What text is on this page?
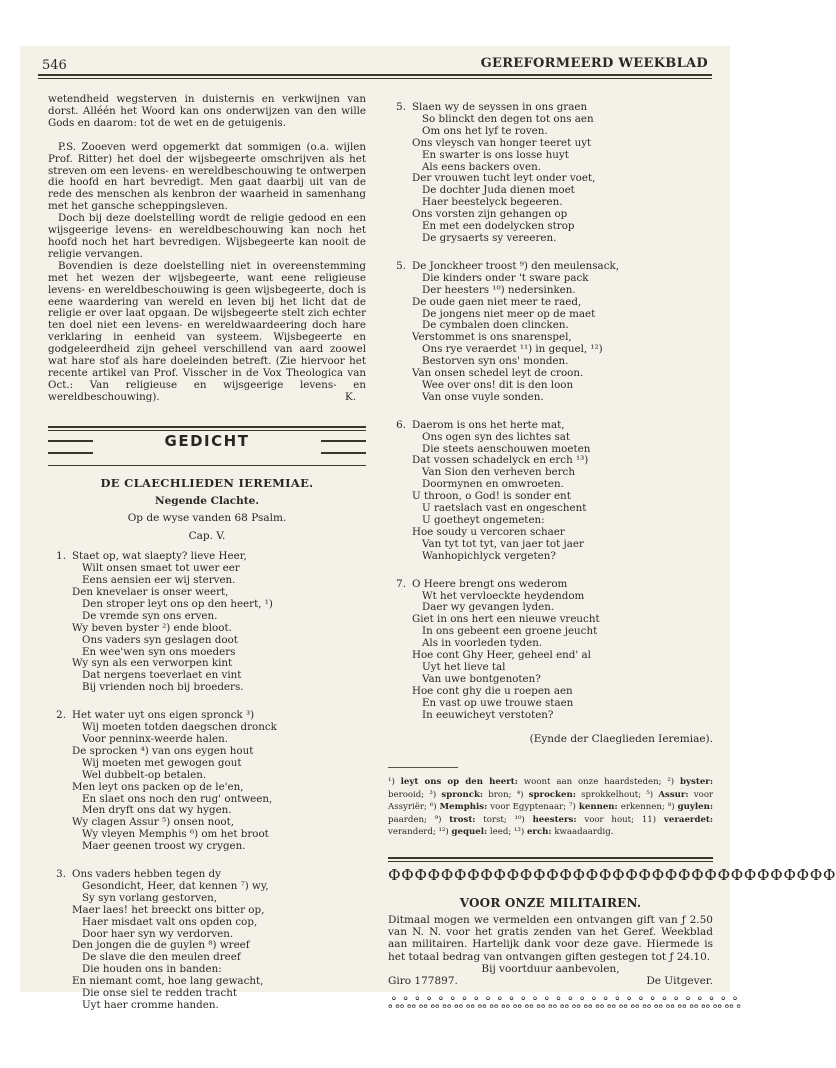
546	GEREFORMEERD WEEKBLAD

wetendheid wegsterven in duisternis en verkwijnen van dorst. Alléén het Woord kan ons onderwijzen van den wille Gods en daarom: tot de wet en de getuigenis.

P.S. Zooeven werd opgemerkt dat sommigen (o.a. wijlen Prof. Ritter) het doel der wijsbegeerte omschrijven als het streven om een levens- en wereldbeschouwing te ontwerpen die hoofd en hart bevredigt. Men gaat daarbij uit van de rede des menschen als kenbron der waarheid in samenhang met het gansche scheppingsleven.

Doch bij deze doelstelling wordt de religie gedood en een wijsgeerige levens- en wereldbeschouwing kan noch het hoofd noch het hart bevredigen. Wijsbegeerte kan nooit de religie vervangen.

Bovendien is deze doelstelling niet in overeenstemming met het wezen der wijsbegeerte, want eene religieuse levens- en wereldbeschouwing is geen wijsbegeerte, doch is eene waardering van wereld en leven bij het licht dat de religie er over laat opgaan. De wijsbegeerte stelt zich echter ten doel niet een levens- en wereldwaardeering doch hare verklaring in eenheid van systeem. Wijsbegeerte en godgeleerdheid zijn geheel verschillend van aard zoowel wat hare stof als hare doeleinden betreft. (Zie hiervoor het recente artikel van Prof. Visscher in de Vox Theologica van Oct.: Van religieuse en wijsgeerige levens- en wereldbeschouwing).	K.

GEDICHT
DE CLAECHLIEDEN IEREMIAE.
Negende Clachte.
Op de wyse vanden 68 Psalm.
Cap. V.
1. Staet op, wat slaepty? lieve Heer,
Wilt onsen smaet tot uwer eer
Eens aensien eer wij sterven.
Den knevelaer is onser weert,
Den stroper leyt ons op den heert, ¹)
De vremde syn ons erven.
Wy beven byster ²) ende bloot.
Ons vaders syn geslagen doot
En wee'wen syn ons moeders
Wy syn als een verworpen kint
Dat nergens toeverlaet en vint
Bij vrienden noch bij broeders.
2. Het water uyt ons eigen spronck ³)
Wij moeten totden daegschen dronck
Voor penninx-weerde halen.
De sprocken ⁴) van ons eygen hout
Wij moeten met gewogen gout
Wel dubbelt-op betalen.
Men leyt ons packen op de le'en,
En slaet ons noch den rug' ontween,
Men dryft ons dat wy hygen.
Wy clagen Assur ⁵) onsen noot,
Wy vleyen Memphis ⁶) om het broot
Maer geenen troost wy crygen.
3. Ons vaders hebben tegen dy
Gesondicht, Heer, dat kennen ⁷) wy,
Sy syn vorlang gestorven,
Maer laes! het breeckt ons bitter op,
Haer misdaet valt ons opden cop,
Door haer syn wy verdorven.
Den jongen die de guylen ⁸) wreef
De slave die den meulen dreef
Die houden ons in banden:
En niemant comt, hoe lang gewacht,
Die onse siel te redden tracht
Uyt haer cromme handen.
5. Slaen wy de seyssen in ons graen
So blinckt den degen tot ons aen
Om ons het lyf te roven.
Ons vleysch van honger teeret uyt
En swarter is ons losse huyt
Als eens backers oven.
Der vrouwen tucht leyt onder voet,
De dochter Juda dienen moet
Haer beestelyck begeeren.
Ons vorsten zijn gehangen op
En met een dodelycken strop
De grysaerts sy vereeren.
5. De Jonckheer troost ⁹) den meulensack,
Die kinders onder 't sware pack
Der heesters ¹⁰) nedersinken.
De oude gaen niet meer te raed,
De jongens niet meer op de maet
De cymbalen doen clincken.
Verstommet is ons snarenspel,
Ons rye veraerdet ¹¹) in gequel, ¹²)
Bestorven syn ons' monden.
Van onsen schedel leyt de croon.
Wee over ons! dit is den loon
Van onse vuyle sonden.
6. Daerom is ons het herte mat,
Ons ogen syn des lichtes sat
Die steets aenschouwen moeten
Dat vossen schadelyck en erch ¹³)
Van Sion den verheven berch
Doormynen en omwroeten.
U throon, o God! is sonder ent
U raetslach vast en ongeschent
U goetheyt ongemeten:
Hoe soudy u vercoren schaer
Van tyt tot tyt, van jaer tot jaer
Wanhopichlyck vergeten?
7. O Heere brengt ons wederom
Wt het vervloeckte heydendom
Daer wy gevangen lyden.
Giet in ons hert een nieuwe vreucht
In ons gebeent een groene jeucht
Als in voorleden tyden.
Hoe cont Ghy Heer, geheel end' al
Uyt het lieve tal
Van uwe bontgenoten?
Hoe cont ghy die u roepen aen
En vast op uwe trouwe staen
In eeuwicheyt verstoten?
(Eynde der Claeglieden Ieremiae).
¹) leyt ons op den heert: woont aan onze haardsteden; ²) byster: berooid; ³) spronck: bron; ⁴) sprocken: sprokkelhout; ⁵) Assur: voor Assyriër; ⁶) Memphis: voor Egyptenaar; ⁷) kennen: erkennen; ⁸) guylen: paarden; ⁹) trost: torst; ¹⁰) heesters: voor hout; 11) veraerdet: veranderd; ¹²) gequel: leed; ¹³) erch: kwaadaardig.
ՓՓՓՓՓՓՓՓՓՓՓՓՓՓՓՓՓՓՓՓՓՓՓՓՓՓՓՓՓՓՓՓՓՓ
VOOR ONZE MILITAIREN.
Ditmaal mogen we vermelden een ontvangen gift van ƒ 2.50 van N. N. voor het gratis zenden van het Geref. Weekblad aan militairen. Hartelijk dank voor deze gave. Hiermede is het totaal bedrag van ontvangen giften gestegen tot ƒ 24.10.
Bij voortduur aanbevolen,
Giro 177897.	De Uitgever.
ஃஃஃஃஃஃஃஃஃஃஃஃஃஃஃஃஃஃஃஃஃஃஃஃஃஃஃஃஃஃ
